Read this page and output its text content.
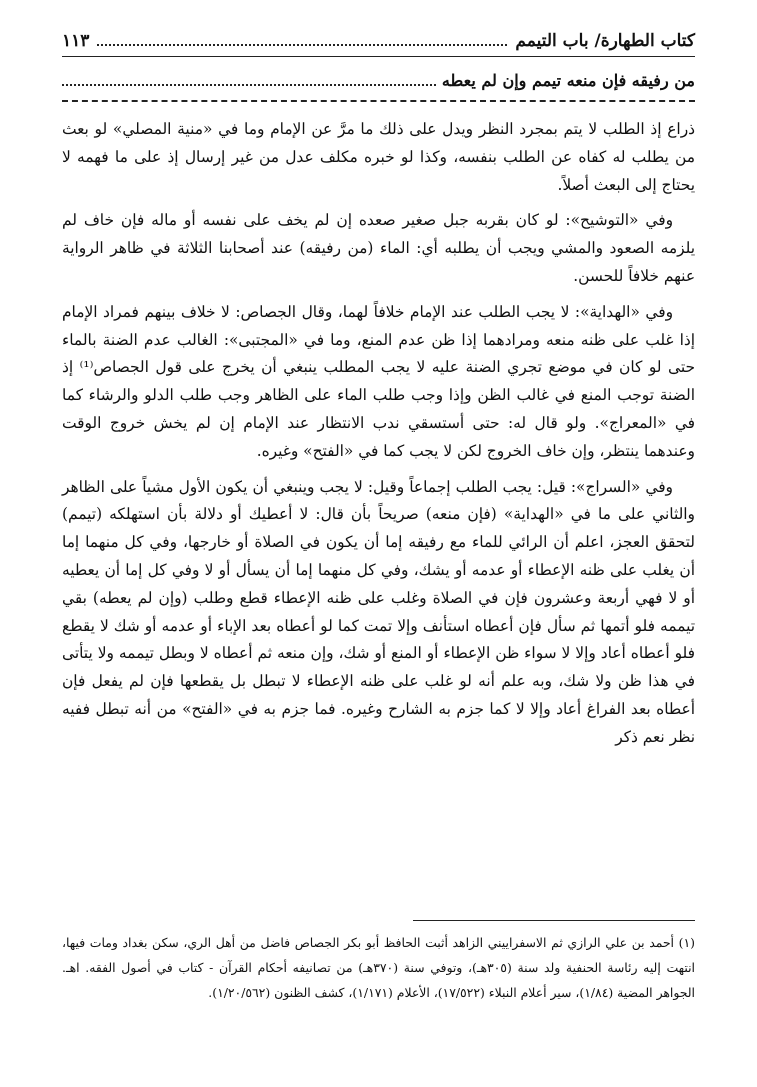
كتاب الطهارة/ باب التيمم
١١٣
من رفيقه فإن منعه تيمم وإن لم يعطه

ذراع إذ الطلب لا يتم بمجرد النظر ويدل على ذلك ما مرَّ عن الإمام وما في «منية المصلي» لو بعث من يطلب له كفاه عن الطلب بنفسه، وكذا لو خبره مكلف عدل من غير إرسال إذ على ما فهمه لا يحتاج إلى البعث أصلاً.

وفي «التوشيح»: لو كان بقربه جبل صغير صعده إن لم يخف على نفسه أو ماله فإن خاف لم يلزمه الصعود والمشي ويجب أن يطلبه أي: الماء (من رفيقه) عند أصحابنا الثلاثة في ظاهر الرواية عنهم خلافاً للحسن.

وفي «الهداية»: لا يجب الطلب عند الإمام خلافاً لهما، وقال الجصاص: لا خلاف بينهم فمراد الإمام إذا غلب على ظنه منعه ومرادهما إذا ظن عدم المنع، وما في «المجتبى»: الغالب عدم الضنة بالماء حتى لو كان في موضع تجري الضنة عليه لا يجب المطلب ينبغي أن يخرج على قول الجصاص⁽¹⁾ إذ الضنة توجب المنع في غالب الظن وإذا وجب طلب الماء على الظاهر وجب طلب الدلو والرشاء كما في «المعراج». ولو قال له: حتى أستسقي ندب الانتظار عند الإمام إن لم يخش خروج الوقت وعندهما ينتظر، وإن خاف الخروج لكن لا يجب كما في «الفتح» وغيره.

وفي «السراج»: قيل: يجب الطلب إجماعاً وقيل: لا يجب وينبغي أن يكون الأول مشياً على الظاهر والثاني على ما في «الهداية» (فإن منعه) صريحاً بأن قال: لا أعطيك أو دلالة بأن استهلكه (تيمم) لتحقق العجز، اعلم أن الرائي للماء مع رفيقه إما أن يكون في الصلاة أو خارجها، وفي كل منهما إما أن يغلب على ظنه الإعطاء أو عدمه أو يشك، وفي كل منهما إما أن يسأل أو لا وفي كل إما أن يعطيه أو لا فهي أربعة وعشرون فإن في الصلاة وغلب على ظنه الإعطاء قطع وطلب (وإن لم يعطه) بقي تيممه فلو أتمها ثم سأل فإن أعطاه استأنف وإلا تمت كما لو أعطاه بعد الإباء أو عدمه أو شك لا يقطع فلو أعطاه أعاد وإلا لا سواء ظن الإعطاء أو المنع أو شك، وإن منعه ثم أعطاه لا وبطل تيممه ولا يتأتى في هذا ظن ولا شك، وبه علم أنه لو غلب على ظنه الإعطاء لا تبطل بل يقطعها فإن لم يفعل فإن أعطاه بعد الفراغ أعاد وإلا لا كما جزم به الشارح وغيره. فما جزم به في «الفتح» من أنه تبطل ففيه نظر نعم ذكر

(١) أحمد بن علي الرازي ثم الاسفراييني الزاهد أثبت الحافظ أبو بكر الجصاص فاضل من أهل الري، سكن بغداد ومات فيها، انتهت إليه رئاسة الحنفية ولد سنة (٣٠٥هـ)، وتوفي سنة (٣٧٠هـ) من تصانيفه أحكام القرآن - كتاب في أصول الفقه. اهـ. الجواهر المضية (١/٨٤)، سير أعلام النبلاء (١٧/٥٢٢)، الأعلام (١/١٧١)، كشف الظنون (١/٢٠/٥٦٢).
